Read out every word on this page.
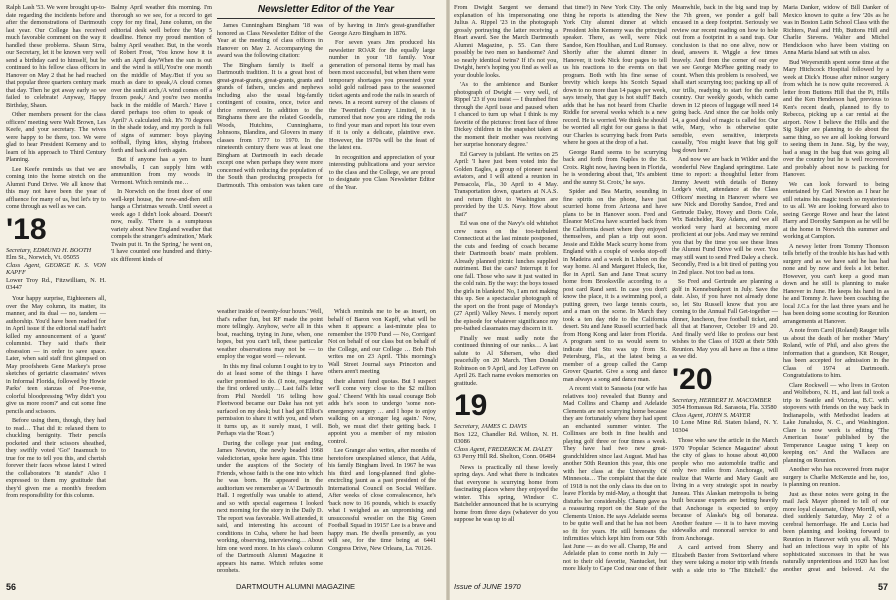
Ralph Lash '53. We were brought up-to-date regarding the incidents before and after the demonstrations of Dartmouth last year. Our College has received much favorable comment on the way it handled these problems. Shaun Sirra, our Secretary, let it be known very well send a birthday card to himself, but he continued to his fellow class officers in Hanover on May 2 that he had reached that popular three quarters century mark that day. Then he got away early so we failed to celebrate! Anyway, Happy Birthday, Shaun.

Other members present for the class officers' meeting were Walt Brown, Les Keefe, and your secretary. The wives were happy to be there, too. We were glad to hear President Kemeny and to learn of his approach to Third Century Planning.

Lee Keefe reminds us that we are coming into the home stretch on the Alumni Fund Drive. We all know that this may not have been the year of affluence for many of us, but let's try to come through as well as we can.

'18
Secretary, EDMUND H. BOOTH
Elm St., Norwich, Vt. 05055
Class Agent, GEORGE K. S. VON KAPFF
Lower Troy Rd., Fitzwilliam, N. H. 03447

Your happy surprise, Eighteeners all, over the May column, its matter, its manner, and its dual — no, tandem — authorship. You'd have been readied for in April issue if the editorial staff hadn't killed my announcement of a 'guest' columnist. They said that's their obsession — in order to save space. Later, when said staff first glimpsed on May proofsheets Gene Markey's prose sketches of geriatric classmates' wives in Informal Florida, followed by Howie Parks' teen stanzas of Poe-verse, colorful bloodpressing 'Why didn't you give us more room?' and cut some fine pencils and scissors.

Before using them, though, they had to read… That did it: relaxed them to chuckling benignity. Their pencils pocketed and their scissors sheathed, they swiftly voted 'Go!' Inasmuch to true for me to tell you this, and cherish forever their faces whose latest I wired the collaborators 'It stands!' Also I expressed to them my gratitude that they'd given me a month's freedom from responsibility for this column.

Balmy April weather this morning. I'm thorough so we see, for a record to get copy for my final, June column, on the editorial desk well before the May 5 deadline. Hence my proud mention of balmy April weather. But, in the words of Robert Frost, 'You know how it is with an April day/When the sun is out and the wind is still,/You're one month on the middle of May./But if you so much as dare to speak,/A cloud comes over the sunlit arch,/A wind comes off a frozen peak,/ And you're two months back in the middle of March.' Have I dared perhaps too often to speak of April? A calculated risk. It's 70 degrees in the shade today, and my porch is full of signs of summer: boys playing softball, flying kites, shying frisbees forth and back and forth again.

But if anyone has a yen to hunt snowballs, I can supply him with ammunition from my woods in Vermont. Which reminds me…

In Norwich on the front door of one well-kept house, the now-and-then still hangs a Christmas wreath. Until sweet a week ago I didn't look aboard. Doesn't now, really. 'There is a sumptuous variety about New England weather that compels the stranger's admiration,' Mark Twain put it. 'In the Spring,' he went on, 'I have counted one hundred and thirty-six different kinds of

Newsletter Editor of the Year

James Cunningham Bingham '18 was honored as Class Newsletter Editor of the Year at the meeting of class officers in Hanover on May 2. Accompanying the award was the following citation:

The Bingham family is itself a Dartmouth tradition. It is a great host of great-great-grants, great-grants, grants and grands of fathers, uncles and nephews including also the usual big-family contingent of cousins, once, twice and thrice removed. In addition to the Binghams there are the related Goodells, Woods, Hutchins, Cunninghams, Johnsons, Blandins, and Glovers in many classes from 1777 to 1970. In the nineteenth century there was at least one Bingham at Dartmouth in each decade except one when perhaps they were more concerned with reducing the population of the South than producing prospects for Dartmouth. This omission was taken care of by having in Jim's great-grandfather George Azro Bingham in 1876.

For seven years Jim produced his newsletter ROAR for the equally large number in your '18 family. Your generation of personal items by mail has been most successful, but when there were temporary shortages you presented your solid gold railroad pass to the seasoned ticket agents and rode the rails in search of news. In a recent survey of the classes of the Twentieth Century Limited, it is rumored that now you are riding the rods to find your man and report his tour even if it is only a delicate, plaintive ewe. However, the 1970s will be the feast of the latest era.

In recognition and appreciation of your interesting publications and your service to the class and the College, we are proud to designate you Class Newsletter Editor of the Year.

weather inside of twenty-four hours.' Well, that's rather fun, but RF made the point more tellingly. Anyhow, we're all in this boat, reaching, trying in June, when, one hopes, but you can't tell, these particular weather observations may not be — to employ the vogue word — relevant.

In this my final column I ought to try to do at least some of the things I have earlier promised to do. (I note, regarding the first ordered unity… Last fall's letter from Phil Nordell '16 telling how Fleetwood became our Dake has not yet surfaced on my desk; but I had got Elliot's permission to share it with you, and when it turns up, as it surely must, I will. Perhaps via the 'Roar.')

During the college year just ending, James Newton, the newly beaded 1968 valedictorian, spoke here again. This time under the auspices of the Society of Friends, whose faith is the one into which he was born. He appeared in the auditorium we remember as 'A' Dartmouth Hall. I regretfully was unable to attend, and so with special eagerness I looked next morning for the story in the Daily D. The report was favorable. Well attended, it said, and interesting his account of conditions in Cuba, where he had been working, observing, interviewing… About him one word more. In his class's column of the Dartmouth Alumni Magazine it appears his name. Which refutes some prophets.

Which reminds me to be as insert, on behalf of Baron von Kapff, what will be when it appears: a last-minute plea to remember the 1970 Fund — No, Corrigan! Not on behalf of our class but on behalf of the College, and our College … Bob Fish writes me on 23 April. 'This morning's Wall Street Journal says Princeton and others aren't meeting

their alumni fund quotas. But I suspect we'll come very close to the $2 million goal.' Cheers! With his usual courage Bob adds he's soon to undergo 'some non-emergency surgery … and I hope to enjoy walking on a stronger leg again.' Now, Bob, we must die! their getting back. I appoint you a member of my mission control.

Lee Granger also writes, after months of heretofore unexplained silence, that Adda, his family Bingham lived. In 1967 he was his third and long-planned find globe-encircling jaunt as a past president of the International Council on Social Welfare. After weeks of close convalescence, he's 'back now to 16 pounds, which is exactly what I weighed as an unpromising and unsuccessful wrestler on the Big Green Football Squad in 1915!' Lee is a brave and happy man. He dwells presently, as you will see, for the time being at 6441 Congress Drive, New Orleans, La. 70126.

56	DARTMOUTH ALUMNI MAGAZINE

From Dwight Sargent we demand explanation of his impersonating one Julius A. Rippel '23 in the photograph grossly portraying the latter receiving a Heart award. See the March Dartmouth Alumni Magazine, p. 55. Can there possibly be two men so handsome? And so nearly identical twins? If it's not you, Dwight, here's hoping you find as well as your double looks.

'As to the ambience and Bunker photograph of Dwight — very well, of Rippel '23 if you insist — I thumbed first through the April issue and paused when I chanced to turn up what I think is my favorite of the pictures: front face of three Dickey children in the snapshot taken at the moment their mother was receiving her surprise honorary degree.'

Ed Garvey is jubilant. He writes on 25 April: 'I have just been voted into the Golden Eagles, a group of pioneer naval aviators, and I will attend a reunion in Pensacola, Fla., 30 April to 4 May. Transportation down, quarters at N.A.S. and return flight to Washington are provided by the U.S. Navy. How about that?'

Ed was one of the Navy's old whitehot crew races on the too-turbulent Connecticut at the last minute postponed, the cuts and feeding of coach became their Dartmouth boats' main problem. Already planned picnic lunches supplied nutriment. But the cars? Interrupt it for one fall. Those who saw it just waited in the cold rain. By the way: the boys tossed the girls in blankets! No, I am not making this up. See a spectacular photograph of the sport on the front page of Monday's (27 April) Valley News. I merely report the episode for whatever significance my pre-bathed classmates may discern in it.

Finally we must sadly note the continued thinning of our ranks… A last salute to Al Sibersen, who died peacefully on 20 March. Then Donald Robinson on 9 April, and Joy LeFevre on April 26. Each name evokes memories on gratitude.

19
Secretary, JAMES C. DAVIS
Box 122, Chandler Rd. Wilton, N. H. 03086
Class Agent, FREDERICK M. DALEY
63 Perry Hill Rd. Shelton, Conn. 06484

News is practically nil these lovely spring days. And what there is indicates that everyone is scurrying home from fascinating places where they enjoyed the winter. This spring, Windsor C. Batchelder announced that he is scurrying home from three days (whatever do you suppose he was up to all

that time?) in New York City. The only thing he reports is attending the New York City alumni dinner at which President John Kemeny was the principal speaker. There, as well, were Nick Sandoe, Ken Houlihan, and Lud Rumsey. Shortly after the alumni dinner in Hanover, it took Nick four pages to tell us his reactions to the events on that program. Both with his fine sense of brevity which keeps his Scotch Squad down to no more than 14 pages per week, says tersely, 'that guy is hot stuff!' Batch adds that he has not heard from Charlie Riddle for several weeks which is a new record. He is worried. We think he should be worried all right for our guess is that our Charles is scurrying back from Paris where he goes at the drop of a hat.

George Rand seems to be scurrying back and forth from Naples to the St. Croix. Right now, having been in Florida, he is wondering about that, 'It's ambient and the sunny St. Croix,' he says.

Spider and Bea Martin, sounding in fine spirits on the phone, have just scurried home from Arizona and have plans to be in Hanover soon. Fred and Eleanor McCrea have scurried back from the California desert where they enjoyed themselves, and plan a trip out soon. Jessie and Eddie Mack scurry home from England with a couple of weeks stop-off in Madeira and a week in Lisbon on the way home. Al and Margaret Huleck, Ike, Ike in April. San and Jane Treat scurry home from Brooksville according to a post card Rand sent. In case you don't know the place, it is a swimming pool, a putting green, two large tennis courts, and a man on the scene. In March they took a ten day ride to the California desert. Stu and Jane Russell scurried back from Hong Kong and later from Florida. A program sent to us would seem to indicate that Stu was up from St. Petersburg, Fla., at the latest being a member of a group called the Camp Grover Quartet. Give a song and dance man always a song and dance man.

A recent visit to Sarasota (our wife has relatives too) revealed that Bunny and Mad Collins and Champ and Adelaide Clements are not scurrying home because they are fortunately where they had spent an enchanted summer winter. The Collinses are both in fine health and playing golf three or four times a week. They have had two new great-grandchildren since last August. Mad has another 50th Reunion this year, this one with her class at the University Of Minnesota… The complaint that the date of 1918 is not the only class its due on to leave Florida by mid-May, a thought that disturbs her considerably. Champ gave us a reassuring report on the State of the Clements Union. He says Adelaide seems to be quite well and that he has not been so fit for years. He still bemoans the infirmities which kept him from our 50th last June — as do we all. Champ, He and Adelaide plan to come north in July — not to their old favorite, Nantucket, but more likely to Cape Cod near one of their

Meanwhile, back in the big sand trap by the 7th green, we ponder a golf ball encased in a deep footprint. Seriously we review our recent reading on how to hole out from a footprint in a sand trap. Our conclusion is that no one alive, now or dead, answers it. Wiggle a few times bravely. And from the corner of our eye we see George McPhee getting ready to count. When this problem is resolved, we shall start scurrying too; packing up all of our trills, readying to start for the north country. Our weekly goods, which came down in 12 pieces of luggage will need 14 going back. And since the car holds only 14, a good deal of magic is called for. Our wife, Mary, who is otherwise quite sensible, even sensitive, interprets casually, 'You might leave that big golf bag down here.'

And now we are back in Wilder and the wonderful New England springtime. Late time to report: a thoughtful letter from Jimmy Jewett with details of Bunny Lodge's visit, attendance at the Class Officers' meeting in Hanover where we saw Nick and Dorothy Sandoe, Fred and Gertrude Daley, Hovey and Doris Cole, Wix Batchelder, Ray Adams, and we all worked very hard at becoming more proficient at our jobs. And may we remind you that by the time you see these lines the Alumni Fund Drive will be over. You may still want to send Fred Daley a check. Secondly, Fred is a bit tired of putting you in 2nd place. Not too bad as tons.

So Fred and Gertrude are planning a golf in Kennebunkport in July. Save the date. Also, if you have not already done so, let Stu Russell know that you are coming to the Annual Fall Get-together — dinner, luncheon, free football ticket, and all that at Hanover, October 19 and 20. And finally we'd like to profess our best wishes to the Class of 1920 at their 50th Reunion. May you all have as fine a time as we did.

'20
Secretary, HERBERT H. MACOMBER
3054 Homassas Rd. Sarasota, Fla. 33580
Class Agent, JOHN S. MAYER
10 Lone Mine Rd. Staten Island, N. Y. 10304

Those who saw the article in the March 1970 'Popular Science Magazine' about the city of glass to house about 40,000 people who mo automobile traffic and only two miles from Anchorage, will realize that Warrie and Mary Gault are living in a very strategic spot in nearby Juneau. This Alaskan metropolis is being built because experts are betting heavily that Anchorage is expected to enjoy because of Alaska's big oil bonanza. Another feature — it is to have moving sidewalks and monorail service to and from Anchorage.

A card arrived from Sherry and Elizabeth Baxter from Switzerland where they were taking a motor trip with friends with a side trip to 'The Bitchell,' the

Maria Danker, widow of Bill Danker of Mexico known to quite a few '20s as he was in Boston Latin School Class with the Richters, Paul and Hib, Buttons Hill and Charlie Stevens. Walter and Michel Hendickson who have been visiting on Anna Maria Island sat with us also.

Bud Weyersmith spent some time at the Mary Hitchcock Hospital followed by a week at Dick's House after minor surgery from which he is now quite recovered. A letter from Buttons Hill that the Pi, Hills and the Ken Henderson had, previous to Ken's recent death, planned to fly to Rebecca, picking up a car rental at the airport. Now I believe the Hills and the Sig Sigler are planning to do about the same thing, so we are all looking forward to seeing them in June. Sig, by the way, had a snag in the bag that was going all over the country but he is well recovered and probably about now is packing for Hanover.

We can look forward to being entertained by Carl Newton as I hear he still retains his magic touch so mysterious to us all. We are looking forward also to seeing George Rowe and hear the latest Harry and Dorothy Sampson as he will be at the home in Norwich this summer and working at Campion.

A newsy letter from Tommy Thomson tells briefly of the trouble his has had with surgery and as we have said he has had none and by now and feels a lot better. However, you can't keep a good man down and he still is planning to make Hanover in June. He keeps his hand in as he and Tommy Jr. have been coaching the local J.C.s for the last three years and he has been doing some scouting for Reunion arrangements at Hanover.

A note from Carol (Roland) Rauger tells us about the death of her mother 'Mary' Roland, wife of Phil, and also gives the information that a grandson, Kit Rouger, has been accepted for admission in the Class of 1974 at Dartmouth. Congratulations to him.

Clare Rockwell — who lives in Groton and Wolfeboro, N. H., and last fall took a trip to Seattle and Victoria, B.C. with stopovers with friends on the way back in Indianapolis, with Methodist leaders at Lake Junaluska, N. C., and Washington. Clare is now work is editing 'The American Issue' published by the Temperance League using 'I keep on keeping on.' And the Wallaces are planning on Reunion.

Another who has recovered from major surgery is Charlie McKenzie and he, too, is planning on reunion.

Just as these notes were going in the mail Jack Mayer phoned to tell of our more loyal classmate, Olney Morrill, who died suddenly Saturday, May 2 of a cerebral hemorrhage. He and Lucia had been planning and looking forward to Reunion in Hanover with you all. 'Mugs' had an infectious way in spite of his sophisticated successes in that he was naturally unpretentious and 1920 has lost another great and beloved. At the

Issue of JUNE 1970	57
